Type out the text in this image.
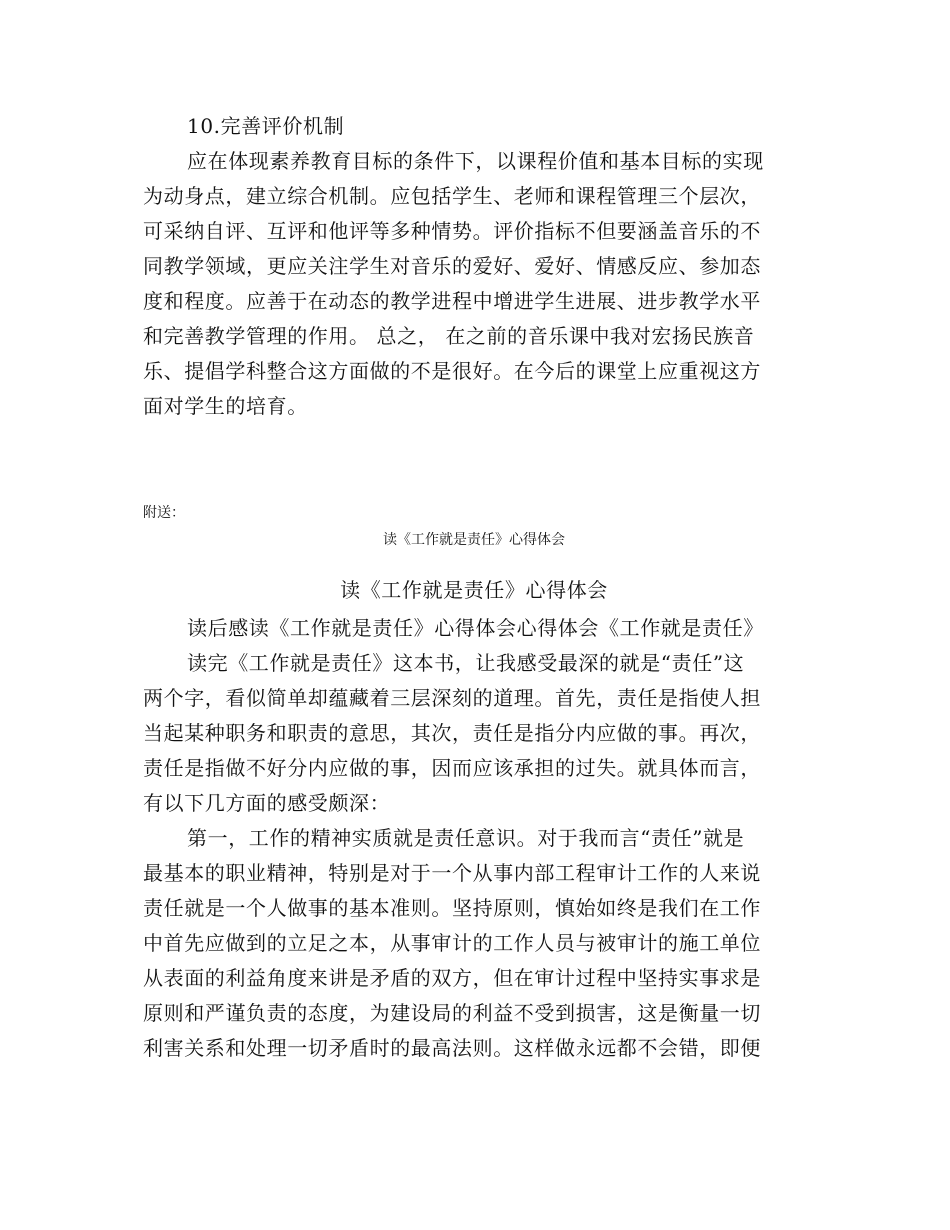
10.完善评价机制
应在体现素养教育目标的条件下，以课程价值和基本目标的实现
为动身点，建立综合机制。应包括学生、老师和课程管理三个层次，
可采纳自评、互评和他评等多种情势。评价指标不但要涵盖音乐的不
同教学领域，更应关注学生对音乐的爱好、爱好、情感反应、参加态
度和程度。应善于在动态的教学进程中增进学生进展、进步教学水平
和完善教学管理的作用。 总之， 在之前的音乐课中我对宏扬民族音
乐、提倡学科整合这方面做的不是很好。在今后的课堂上应重视这方
面对学生的培育。
附送：
读《工作就是责任》心得体会
读《工作就是责任》心得体会
读后感读《工作就是责任》心得体会心得体会《工作就是责任》
读完《工作就是责任》这本书，让我感受最深的就是“责任”这
两个字，看似简单却蕴藏着三层深刻的道理。首先，责任是指使人担
当起某种职务和职责的意思，其次，责任是指分内应做的事。再次，
责任是指做不好分内应做的事，因而应该承担的过失。就具体而言，
有以下几方面的感受颇深：
第一，工作的精神实质就是责任意识。对于我而言“责任”就是
最基本的职业精神，特别是对于一个从事内部工程审计工作的人来说
责任就是一个人做事的基本准则。坚持原则，慎始如终是我们在工作
中首先应做到的立足之本，从事审计的工作人员与被审计的施工单位
从表面的利益角度来讲是矛盾的双方，但在审计过程中坚持实事求是
原则和严谨负责的态度，为建设局的利益不受到损害，这是衡量一切
利害关系和处理一切矛盾时的最高法则。这样做永远都不会错，即便
